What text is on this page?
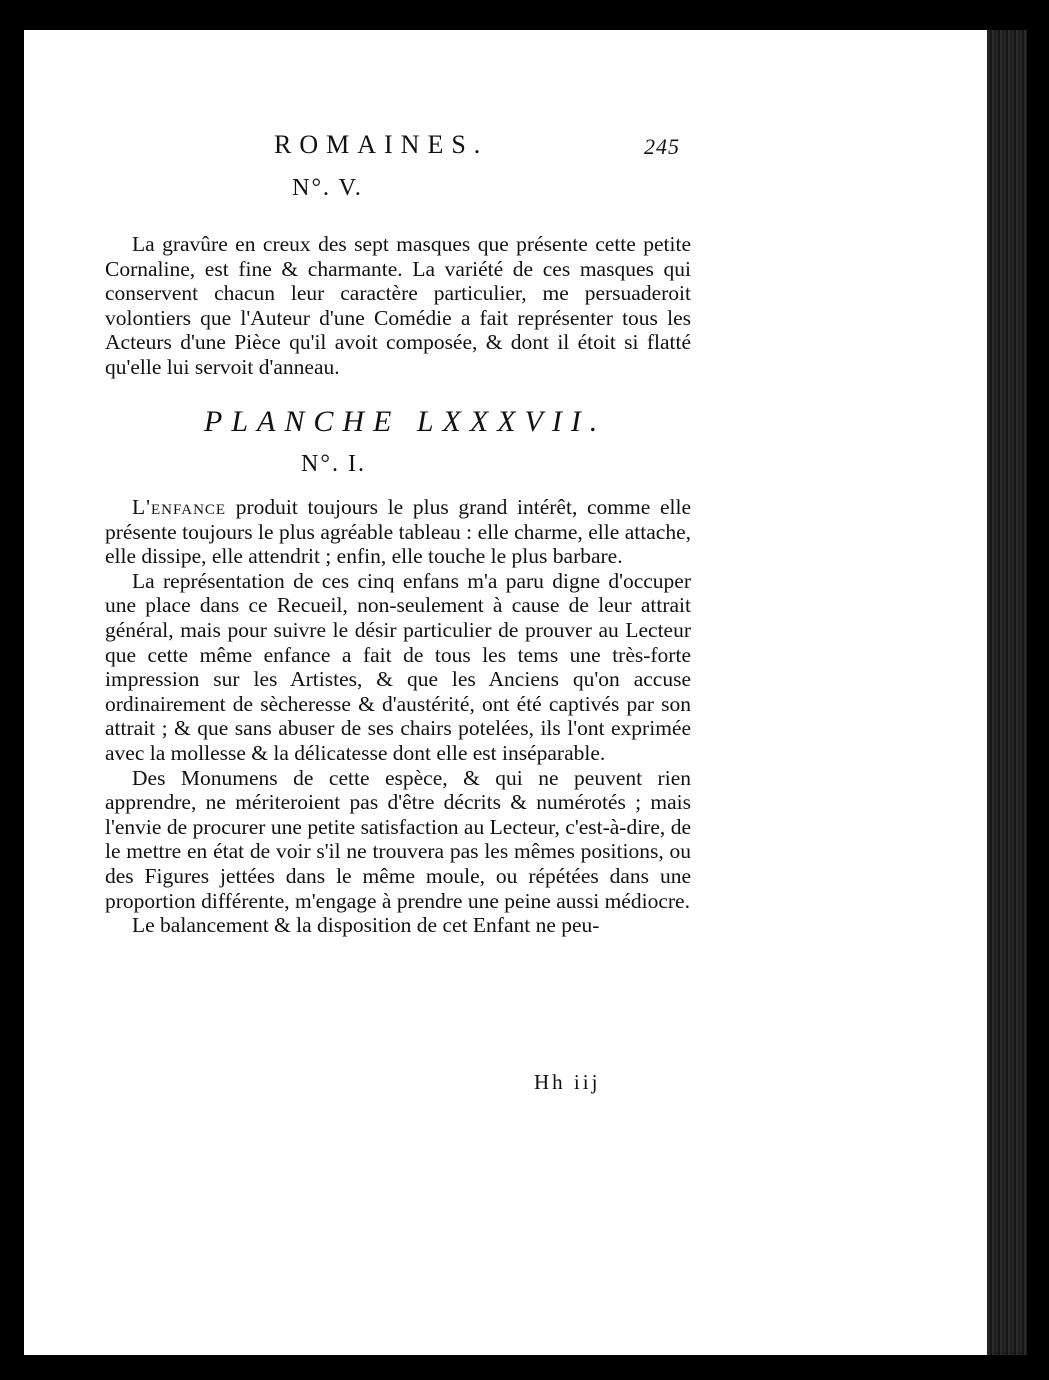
ROMAINES.	245
N°. V.

La gravûre en creux des sept masques que présente cette petite Cornaline, est fine & charmante. La variété de ces masques qui conservent chacun leur caractère particulier, me persuaderoit volontiers que l'Auteur d'une Comédie a fait représenter tous les Acteurs d'une Pièce qu'il avoit composée, & dont il étoit si flatté qu'elle lui servoit d'anneau.

PLANCHE LXXXVII.
N°. I.

L'enfance produit toujours le plus grand intérêt, comme elle présente toujours le plus agréable tableau : elle charme, elle attache, elle dissipe, elle attendrit ; enfin, elle touche le plus barbare.

La représentation de ces cinq enfans m'a paru digne d'occuper une place dans ce Recueil, non-seulement à cause de leur attrait général, mais pour suivre le désir particulier de prouver au Lecteur que cette même enfance a fait de tous les tems une très-forte impression sur les Artistes, & que les Anciens qu'on accuse ordinairement de sècheresse & d'austérité, ont été captivés par son attrait ; & que sans abuser de ses chairs potelées, ils l'ont exprimée avec la mollesse & la délicatesse dont elle est inséparable.

Des Monumens de cette espèce, & qui ne peuvent rien apprendre, ne mériteroient pas d'être décrits & numérotés ; mais l'envie de procurer une petite satisfaction au Lecteur, c'est-à-dire, de le mettre en état de voir s'il ne trouvera pas les mêmes positions, ou des Figures jettées dans le même moule, ou répétées dans une proportion différente, m'engage à prendre une peine aussi médiocre.

Le balancement & la disposition de cet Enfant ne peu-

Hh iij
